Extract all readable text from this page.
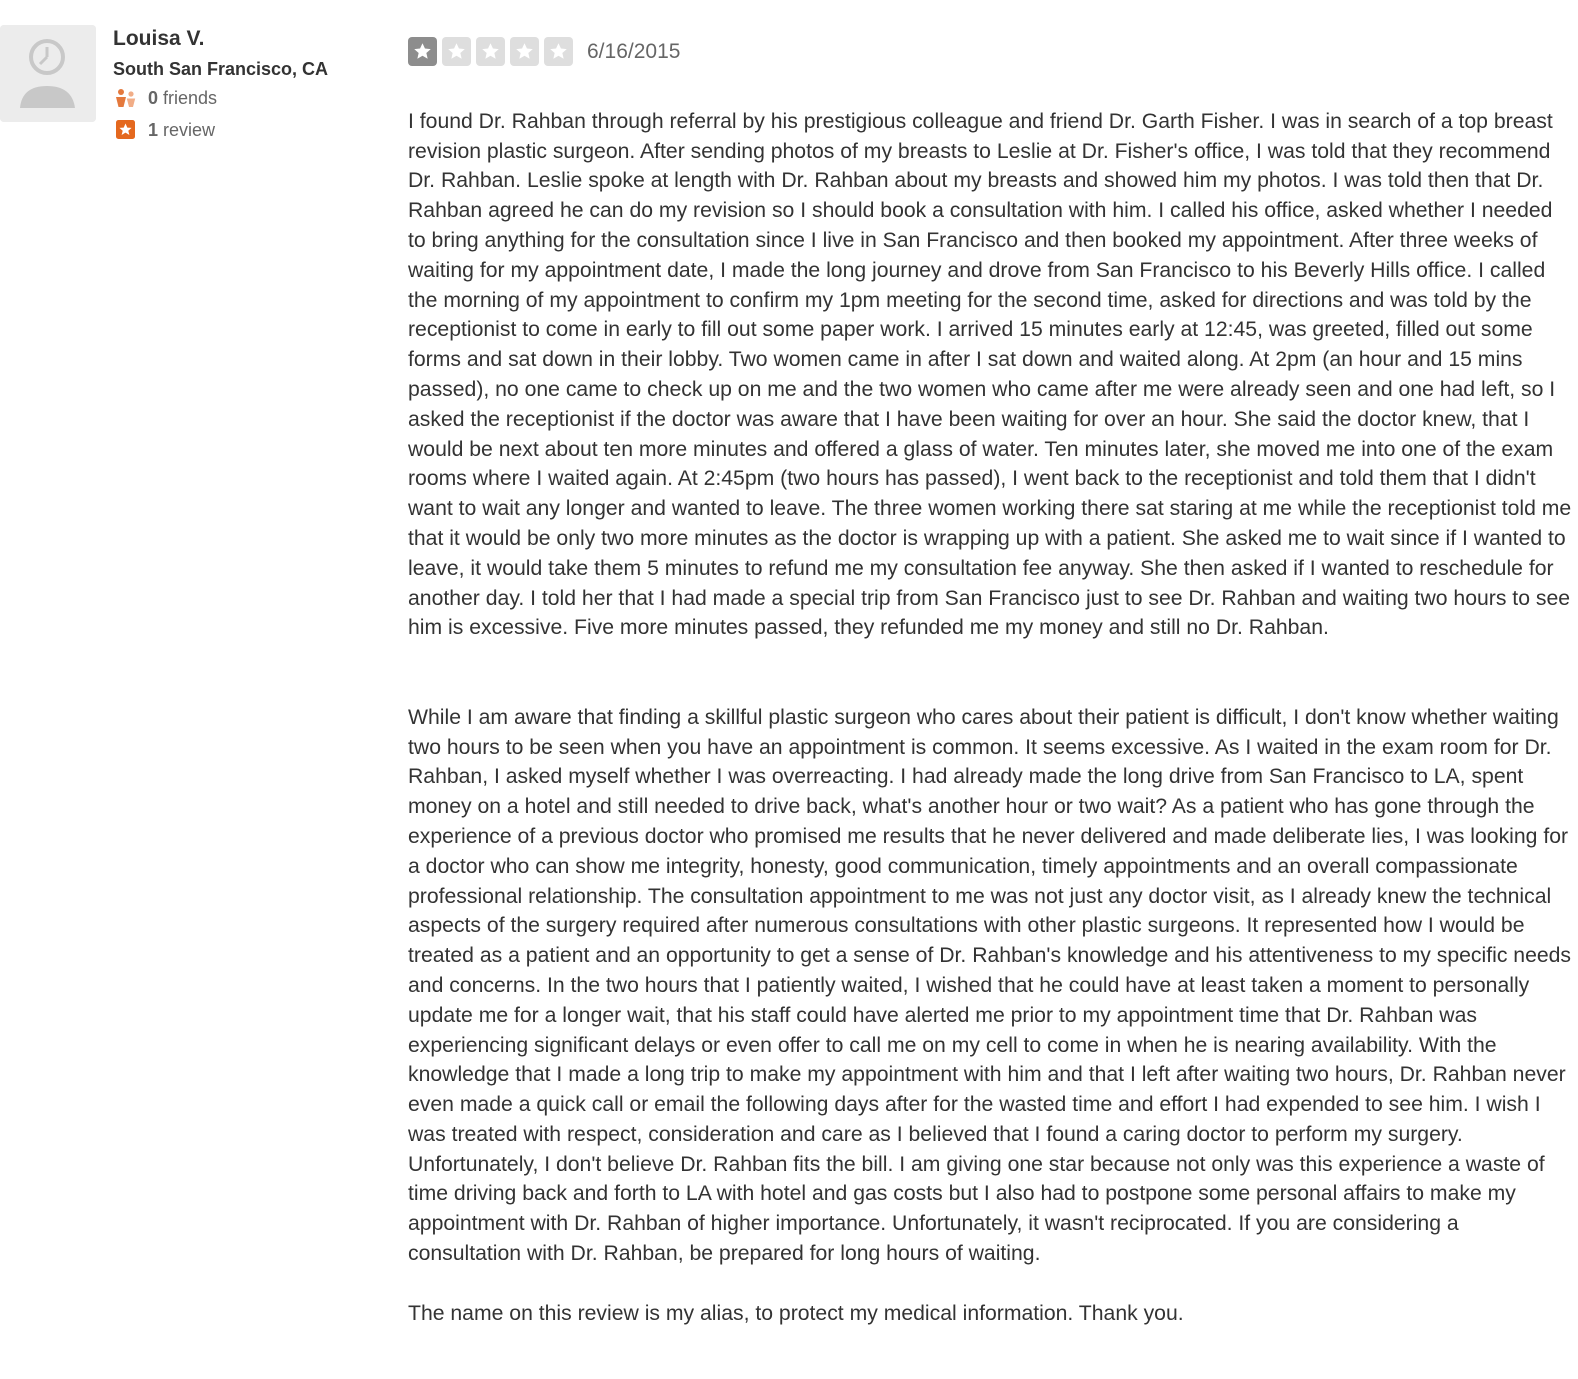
Louisa V.
South San Francisco, CA
0 friends
1 review
6/16/2015

I found Dr. Rahban through referral by his prestigious colleague and friend Dr. Garth Fisher. I was in search of a top breast revision plastic surgeon. After sending photos of my breasts to Leslie at Dr. Fisher's office, I was told that they recommend Dr. Rahban. Leslie spoke at length with Dr. Rahban about my breasts and showed him my photos. I was told then that Dr. Rahban agreed he can do my revision so I should book a consultation with him. I called his office, asked whether I needed to bring anything for the consultation since I live in San Francisco and then booked my appointment. After three weeks of waiting for my appointment date, I made the long journey and drove from San Francisco to his Beverly Hills office. I called the morning of my appointment to confirm my 1pm meeting for the second time, asked for directions and was told by the receptionist to come in early to fill out some paper work. I arrived 15 minutes early at 12:45, was greeted, filled out some forms and sat down in their lobby. Two women came in after I sat down and waited along. At 2pm (an hour and 15 mins passed), no one came to check up on me and the two women who came after me were already seen and one had left, so I asked the receptionist if the doctor was aware that I have been waiting for over an hour. She said the doctor knew, that I would be next about ten more minutes and offered a glass of water. Ten minutes later, she moved me into one of the exam rooms where I waited again. At 2:45pm (two hours has passed), I went back to the receptionist and told them that I didn't want to wait any longer and wanted to leave. The three women working there sat staring at me while the receptionist told me that it would be only two more minutes as the doctor is wrapping up with a patient. She asked me to wait since if I wanted to leave, it would take them 5 minutes to refund me my consultation fee anyway. She then asked if I wanted to reschedule for another day. I told her that I had made a special trip from San Francisco just to see Dr. Rahban and waiting two hours to see him is excessive. Five more minutes passed, they refunded me my money and still no Dr. Rahban.

While I am aware that finding a skillful plastic surgeon who cares about their patient is difficult, I don't know whether waiting two hours to be seen when you have an appointment is common. It seems excessive. As I waited in the exam room for Dr. Rahban, I asked myself whether I was overreacting. I had already made the long drive from San Francisco to LA, spent money on a hotel and still needed to drive back, what's another hour or two wait? As a patient who has gone through the experience of a previous doctor who promised me results that he never delivered and made deliberate lies, I was looking for a doctor who can show me integrity, honesty, good communication, timely appointments and an overall compassionate professional relationship. The consultation appointment to me was not just any doctor visit, as I already knew the technical aspects of the surgery required after numerous consultations with other plastic surgeons. It represented how I would be treated as a patient and an opportunity to get a sense of Dr. Rahban's knowledge and his attentiveness to my specific needs and concerns. In the two hours that I patiently waited, I wished that he could have at least taken a moment to personally update me for a longer wait, that his staff could have alerted me prior to my appointment time that Dr. Rahban was experiencing significant delays or even offer to call me on my cell to come in when he is nearing availability. With the knowledge that I made a long trip to make my appointment with him and that I left after waiting two hours, Dr. Rahban never even made a quick call or email the following days after for the wasted time and effort I had expended to see him. I wish I was treated with respect, consideration and care as I believed that I found a caring doctor to perform my surgery. Unfortunately, I don't believe Dr. Rahban fits the bill. I am giving one star because not only was this experience a waste of time driving back and forth to LA with hotel and gas costs but I also had to postpone some personal affairs to make my appointment with Dr. Rahban of higher importance. Unfortunately, it wasn't reciprocated. If you are considering a consultation with Dr. Rahban, be prepared for long hours of waiting.

The name on this review is my alias, to protect my medical information. Thank you.
